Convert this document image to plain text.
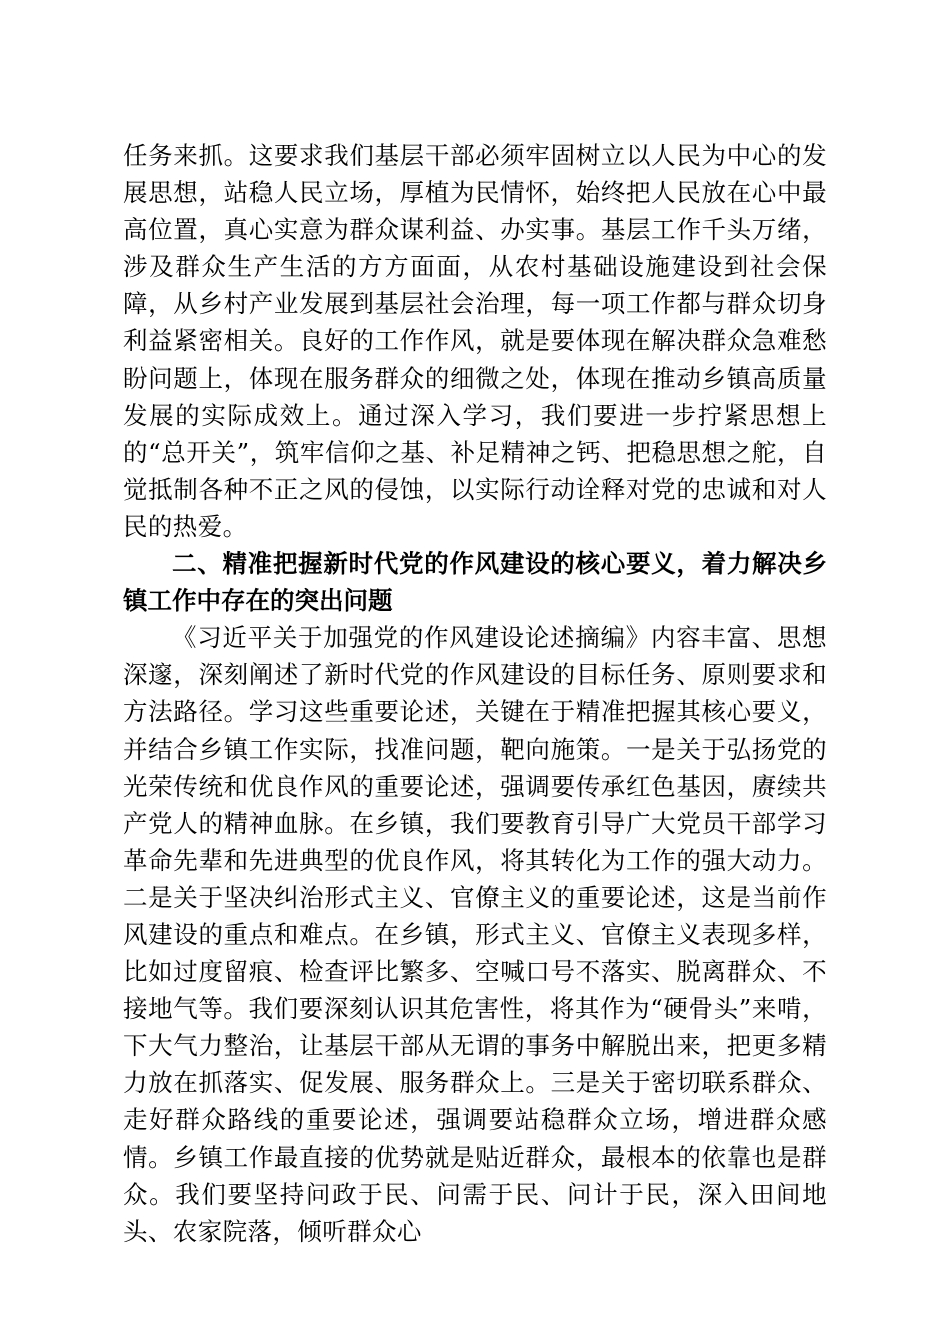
任务来抓。这要求我们基层干部必须牢固树立以人民为中心的发展思想，站稳人民立场，厚植为民情怀，始终把人民放在心中最高位置，真心实意为群众谋利益、办实事。基层工作千头万绪，涉及群众生产生活的方方面面，从农村基础设施建设到社会保障，从乡村产业发展到基层社会治理，每一项工作都与群众切身利益紧密相关。良好的工作作风，就是要体现在解决群众急难愁盼问题上，体现在服务群众的细微之处，体现在推动乡镇高质量发展的实际成效上。通过深入学习，我们要进一步拧紧思想上的“总开关”，筑牢信仰之基、补足精神之钙、把稳思想之舵，自觉抵制各种不正之风的侵蚀，以实际行动诠释对党的忠诚和对人民的热爱。

二、精准把握新时代党的作风建设的核心要义，着力解决乡镇工作中存在的突出问题

《习近平关于加强党的作风建设论述摘编》内容丰富、思想深邃，深刻阐述了新时代党的作风建设的目标任务、原则要求和方法路径。学习这些重要论述，关键在于精准把握其核心要义，并结合乡镇工作实际，找准问题，靶向施策。一是关于弘扬党的光荣传统和优良作风的重要论述，强调要传承红色基因，赓续共产党人的精神血脉。在乡镇，我们要教育引导广大党员干部学习革命先辈和先进典型的优良作风，将其转化为工作的强大动力。二是关于坚决纠治形式主义、官僚主义的重要论述，这是当前作风建设的重点和难点。在乡镇，形式主义、官僚主义表现多样，比如过度留痕、检查评比繁多、空喊口号不落实、脱离群众、不接地气等。我们要深刻认识其危害性，将其作为“硬骨头”来啃，下大气力整治，让基层干部从无谓的事务中解脱出来，把更多精力放在抓落实、促发展、服务群众上。三是关于密切联系群众、走好群众路线的重要论述，强调要站稳群众立场，增进群众感情。乡镇工作最直接的优势就是贴近群众，最根本的依靠也是群众。我们要坚持问政于民、问需于民、问计于民，深入田间地头、农家院落，倾听群众心
